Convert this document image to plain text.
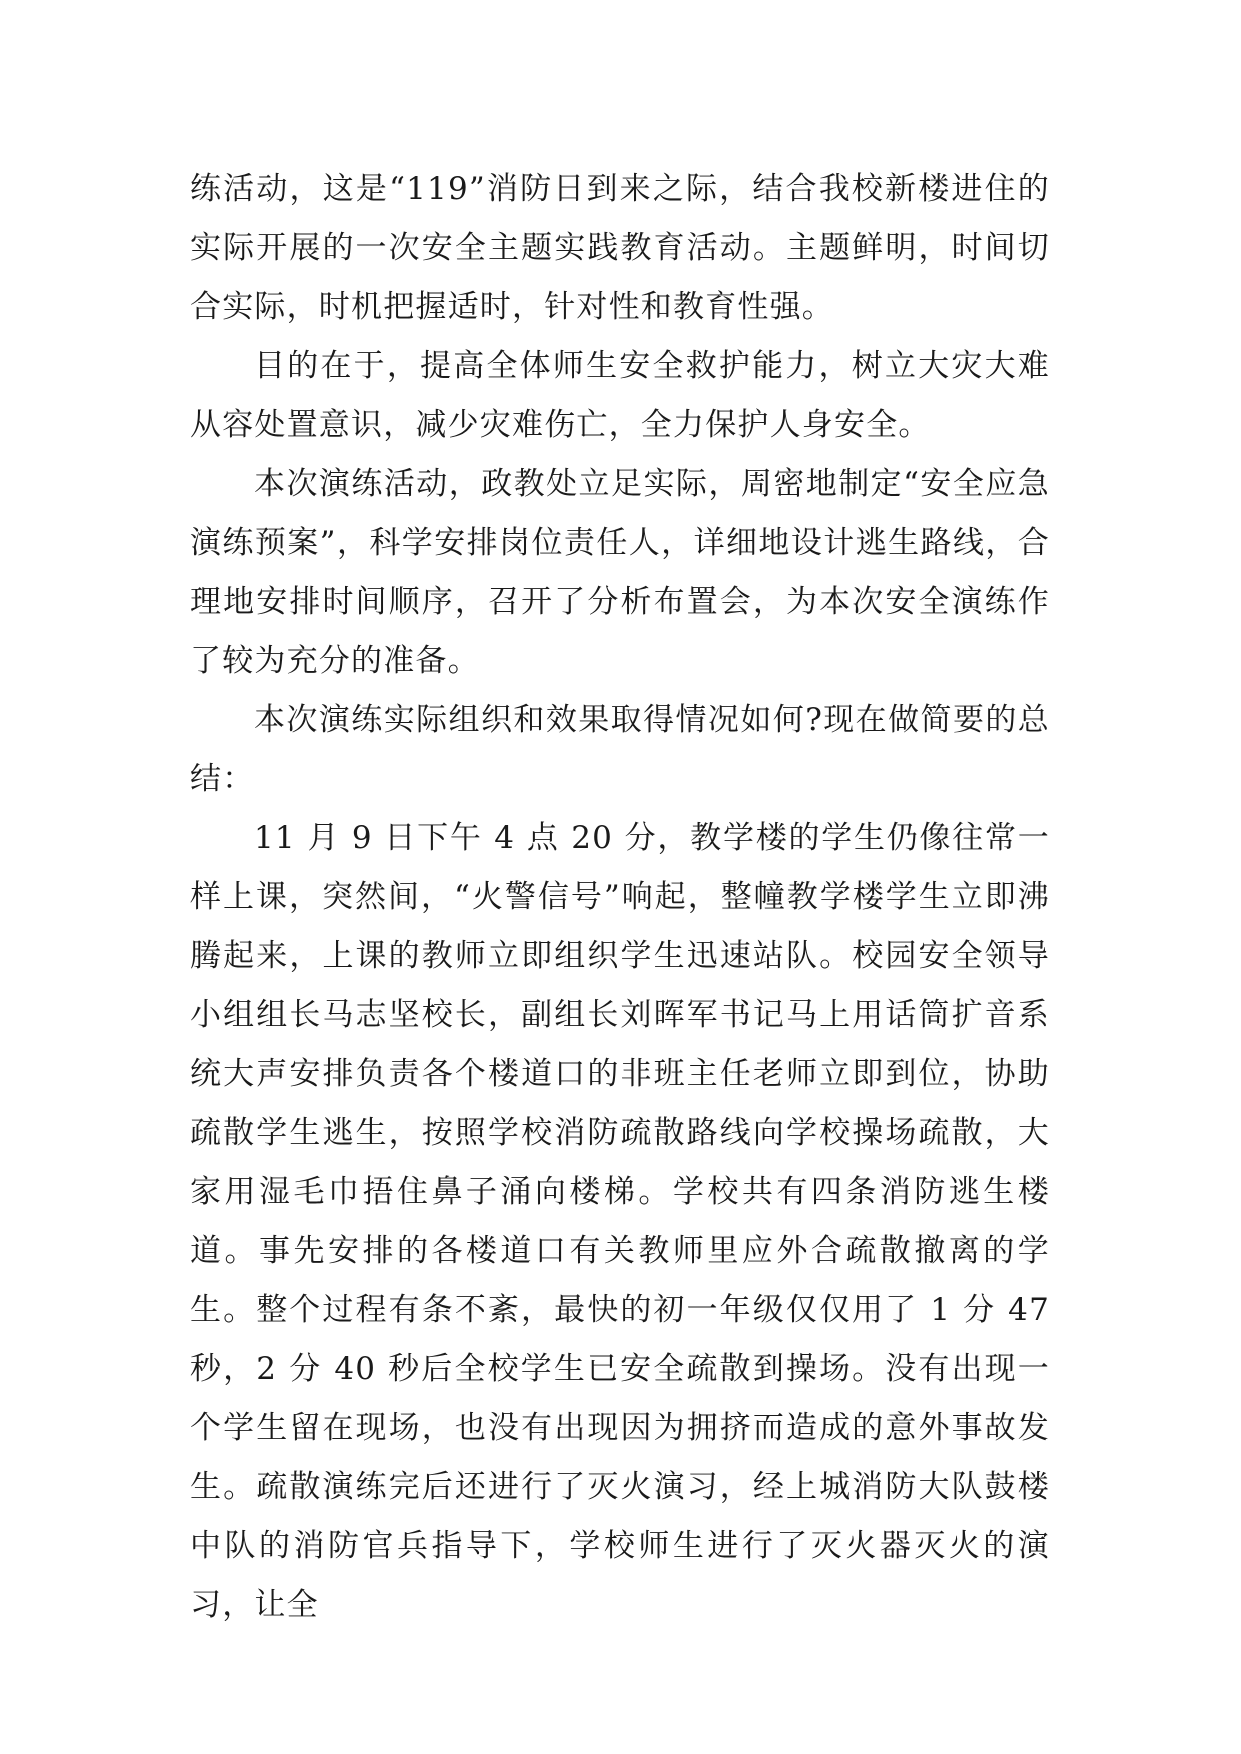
练活动，这是“119”消防日到来之际，结合我校新楼进住的实际开展的一次安全主题实践教育活动。主题鲜明，时间切合实际，时机把握适时，针对性和教育性强。

目的在于，提高全体师生安全救护能力，树立大灾大难从容处置意识，减少灾难伤亡，全力保护人身安全。

本次演练活动，政教处立足实际，周密地制定“安全应急演练预案”，科学安排岗位责任人，详细地设计逃生路线，合理地安排时间顺序，召开了分析布置会，为本次安全演练作了较为充分的准备。

本次演练实际组织和效果取得情况如何?现在做简要的总结：

11 月 9 日下午 4 点 20 分，教学楼的学生仍像往常一样上课，突然间，“火警信号”响起，整幢教学楼学生立即沸腾起来，上课的教师立即组织学生迅速站队。校园安全领导小组组长马志坚校长，副组长刘晖军书记马上用话筒扩音系统大声安排负责各个楼道口的非班主任老师立即到位，协助疏散学生逃生，按照学校消防疏散路线向学校操场疏散，大家用湿毛巾捂住鼻子涌向楼梯。学校共有四条消防逃生楼道。事先安排的各楼道口有关教师里应外合疏散撤离的学生。整个过程有条不紊，最快的初一年级仅仅用了 1 分 47 秒，2 分 40 秒后全校学生已安全疏散到操场。没有出现一个学生留在现场，也没有出现因为拥挤而造成的意外事故发生。疏散演练完后还进行了灭火演习，经上城消防大队鼓楼中队的消防官兵指导下，学校师生进行了灭火器灭火的演习，让全
